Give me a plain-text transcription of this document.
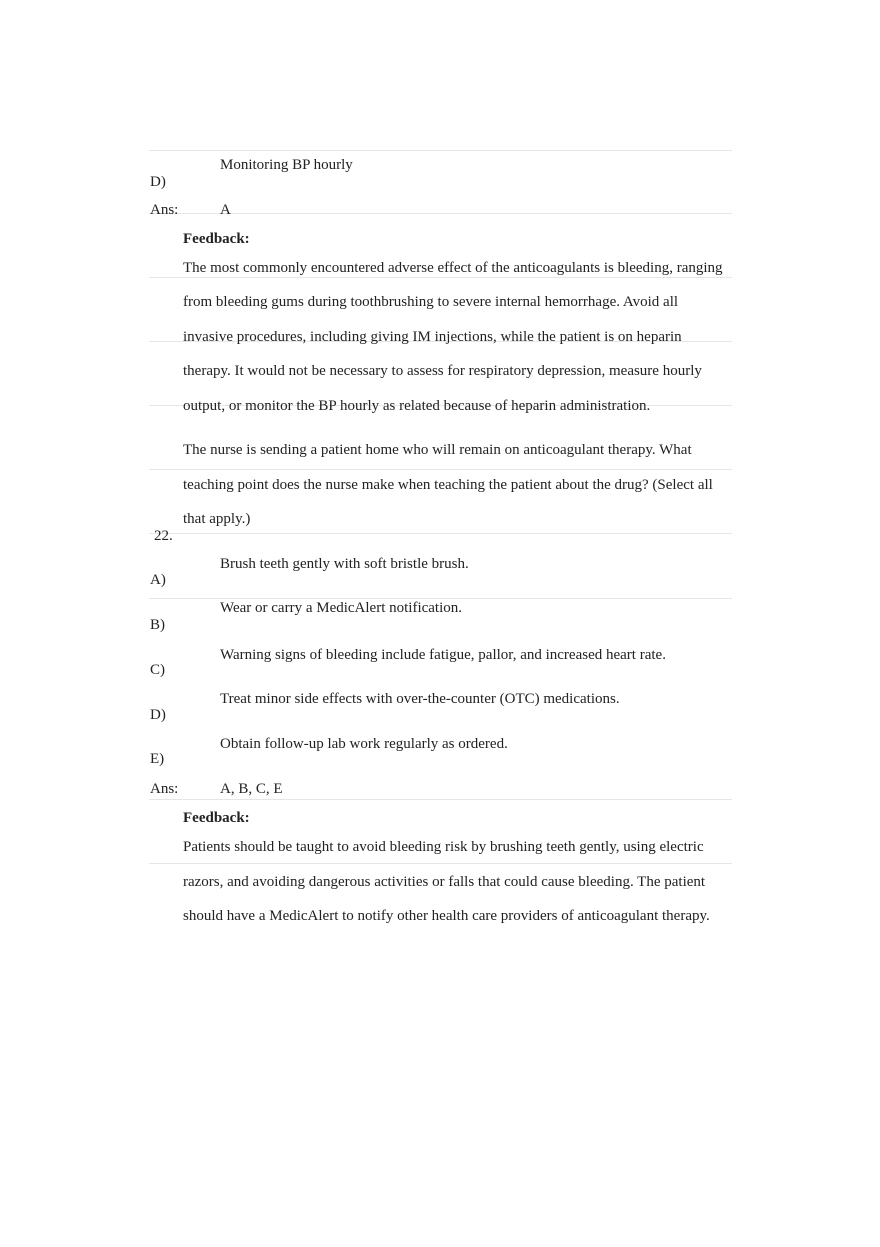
Monitoring BP hourly
D)
Ans:	A
Feedback:
The most commonly encountered adverse effect of the anticoagulants is bleeding, ranging
from bleeding gums during toothbrushing to severe internal hemorrhage. Avoid all
invasive procedures, including giving IM injections, while the patient is on heparin
therapy. It would not be necessary to assess for respiratory depression, measure hourly
output, or monitor the BP hourly as related because of heparin administration.
The nurse is sending a patient home who will remain on anticoagulant therapy. What
teaching point does the nurse make when teaching the patient about the drug? (Select all
that apply.)
22.
Brush teeth gently with soft bristle brush.
A)
Wear or carry a MedicAlert notification.
B)
Warning signs of bleeding include fatigue, pallor, and increased heart rate.
C)
Treat minor side effects with over-the-counter (OTC) medications.
D)
Obtain follow-up lab work regularly as ordered.
E)
Ans:	A, B, C, E
Feedback:
Patients should be taught to avoid bleeding risk by brushing teeth gently, using electric
razors, and avoiding dangerous activities or falls that could cause bleeding. The patient
should have a MedicAlert to notify other health care providers of anticoagulant therapy.
